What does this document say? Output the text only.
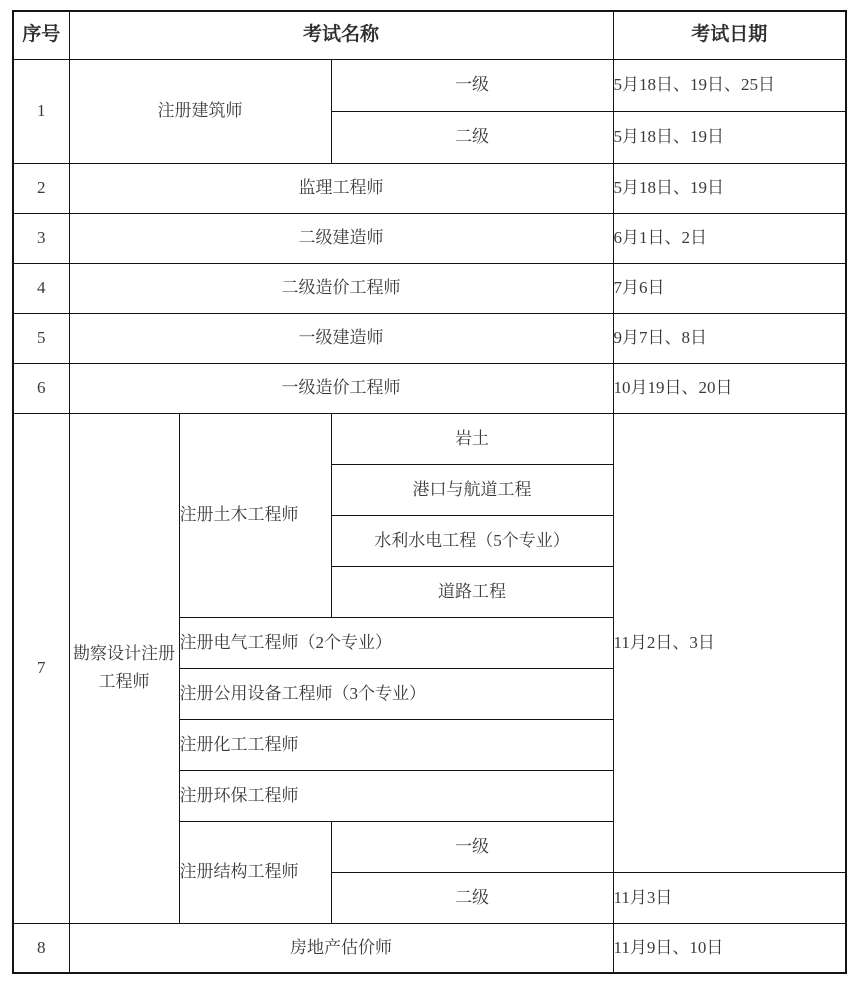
序号	考试名称			考试日期
1	注册建筑师		一级	5月18日、19日、25日
			二级	5月18日、19日
2	监理工程师			5月18日、19日
3	二级建造师			6月1日、2日
4	二级造价工程师			7月6日
5	一级建造师			9月7日、8日
6	一级造价工程师			10月19日、20日
7	勘察设计注册工程师	注册土木工程师	岩土	11月2日、3日
			港口与航道工程	
			水利水电工程（5个专业）	
			道路工程	
		注册电气工程师（2个专业）		
		注册公用设备工程师（3个专业）		
		注册化工工程师		
		注册环保工程师		
		注册结构工程师	一级	
			二级	11月3日
8	房地产估价师			11月9日、10日
